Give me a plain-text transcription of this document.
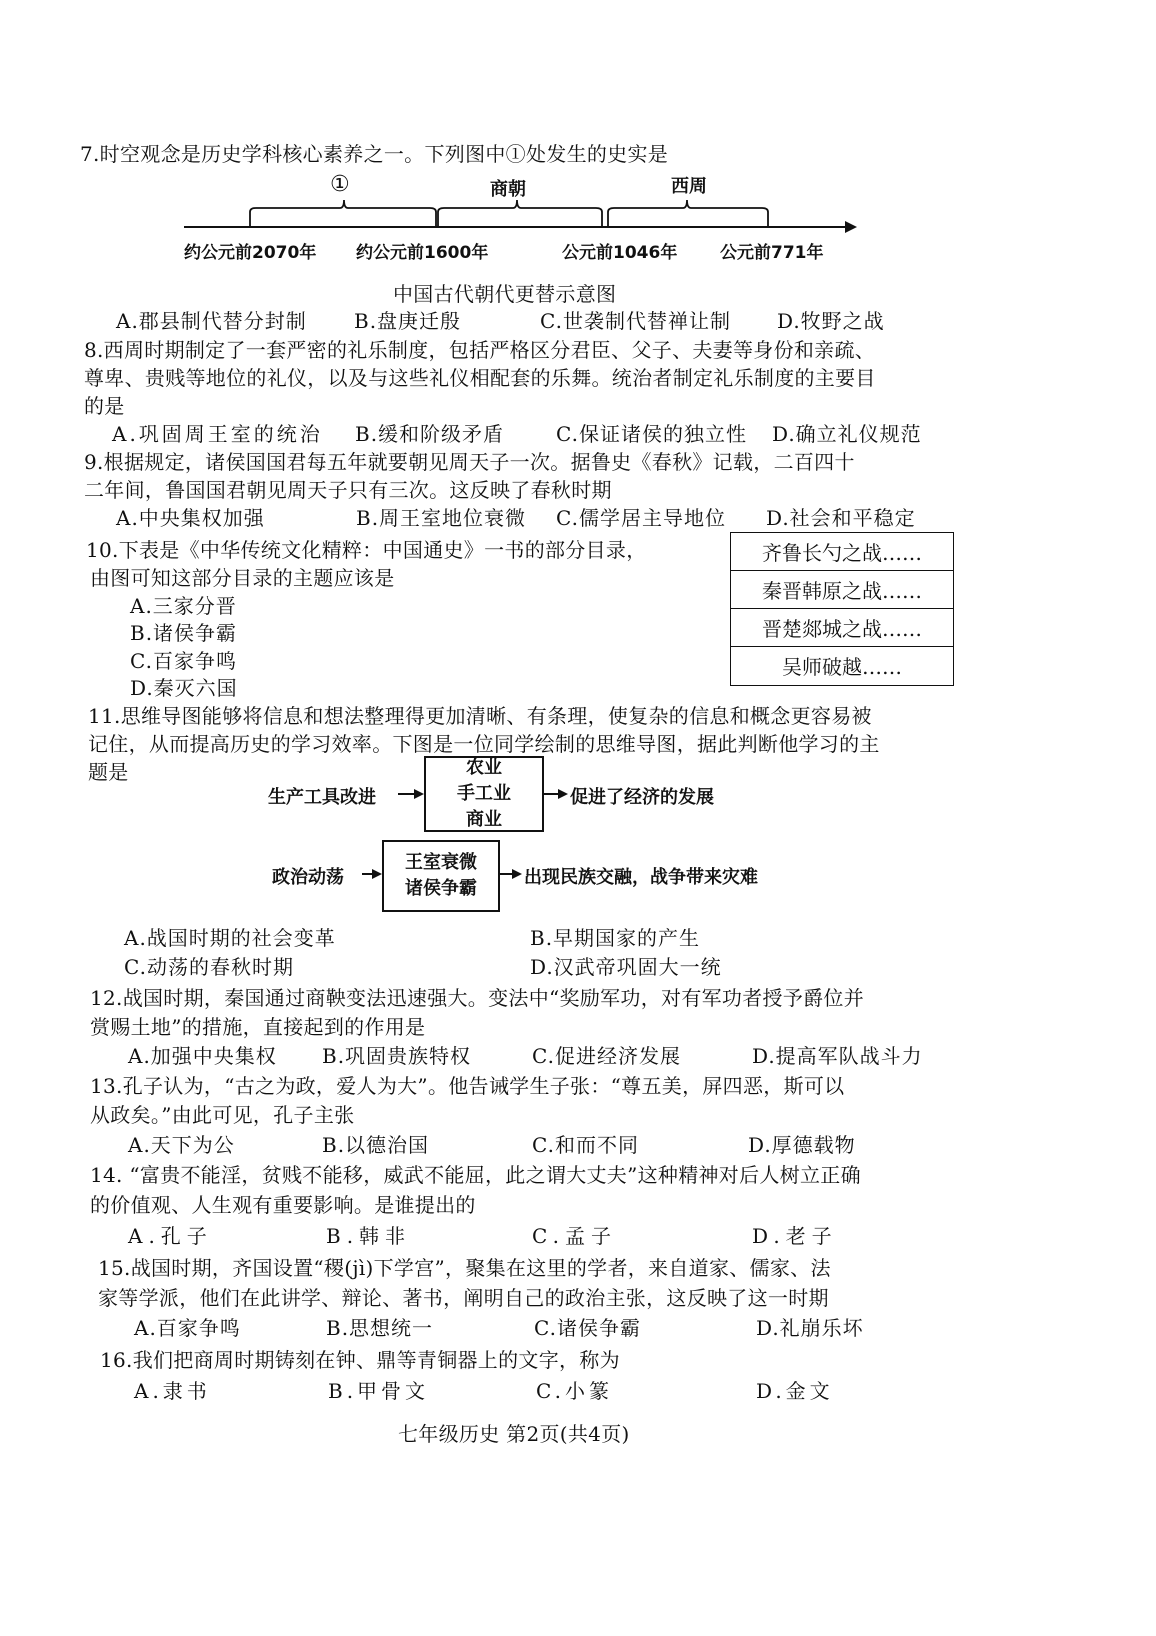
7.时空观念是历史学科核心素养之一。下列图中①处发生的史实是
①	商朝	西周
约公元前2070年 约公元前1600年	公元前1046年	公元前771年
中国古代朝代更替示意图
A.郡县制代替分封制 B.盘庚迁殷	C.世袭制代替禅让制 D.牧野之战
8.西周时期制定了一套严密的礼乐制度，包括严格区分君臣、父子、夫妻等身份和亲疏、
尊卑、贵贱等地位的礼仪，以及与这些礼仪相配套的乐舞。统治者制定礼乐制度的主要目
的是
A.巩固周王室的统治 B.缓和阶级矛盾	C.保证诸侯的独立性 D.确立礼仪规范
9.根据规定，诸侯国国君每五年就要朝见周天子一次。据鲁史《春秋》记载，二百四十
二年间，鲁国国君朝见周天子只有三次。这反映了春秋时期
A.中央集权加强	B.周王室地位衰微 C.儒学居主导地位 D.社会和平稳定
10.下表是《中华传统文化精粹：中国通史》一书的部分目录，
由图可知这部分目录的主题应该是
A.三家分晋
B.诸侯争霸
C.百家争鸣
D.秦灭六国
齐鲁长勺之战……
秦晋韩原之战……
晋楚郯城之战……
吴师破越……
11.思维导图能够将信息和想法整理得更加清晰、有条理，使复杂的信息和概念更容易被
记住，从而提高历史的学习效率。下图是一位同学绘制的思维导图，据此判断他学习的主
题是
生产工具改进
农业
手工业
商业
促进了经济的发展
政治动荡
王室衰微
诸侯争霸
出现民族交融，战争带来灾难
A.战国时期的社会变革	B.早期国家的产生
C.动荡的春秋时期	D.汉武帝巩固大一统
12.战国时期，秦国通过商鞅变法迅速强大。变法中“奖励军功，对有军功者授予爵位并
赏赐土地”的措施，直接起到的作用是
A.加强中央集权 B.巩固贵族特权	C.促进经济发展	D.提高军队战斗力
13.孔子认为，“古之为政，爱人为大”。他告诫学生子张：“尊五美，屏四恶，斯可以
从政矣。”由此可见，孔子主张
A.天下为公	B.以德治国	C.和而不同	D.厚德载物
14. “富贵不能淫，贫贱不能移，威武不能屈，此之谓大丈夫”这种精神对后人树立正确
的价值观、人生观有重要影响。是谁提出的
A.孔子	B.韩非	C.孟子	D.老子
15.战国时期，齐国设置“稷(jì)下学宫”，聚集在这里的学者，来自道家、儒家、法
家等学派，他们在此讲学、辩论、著书，阐明自己的政治主张，这反映了这一时期
A.百家争鸣	B.思想统一	C.诸侯争霸	D.礼崩乐坏
16.我们把商周时期铸刻在钟、鼎等青铜器上的文字，称为
A.隶书	B.甲骨文	C.小篆	D.金文
七年级历史 第2页(共4页)
